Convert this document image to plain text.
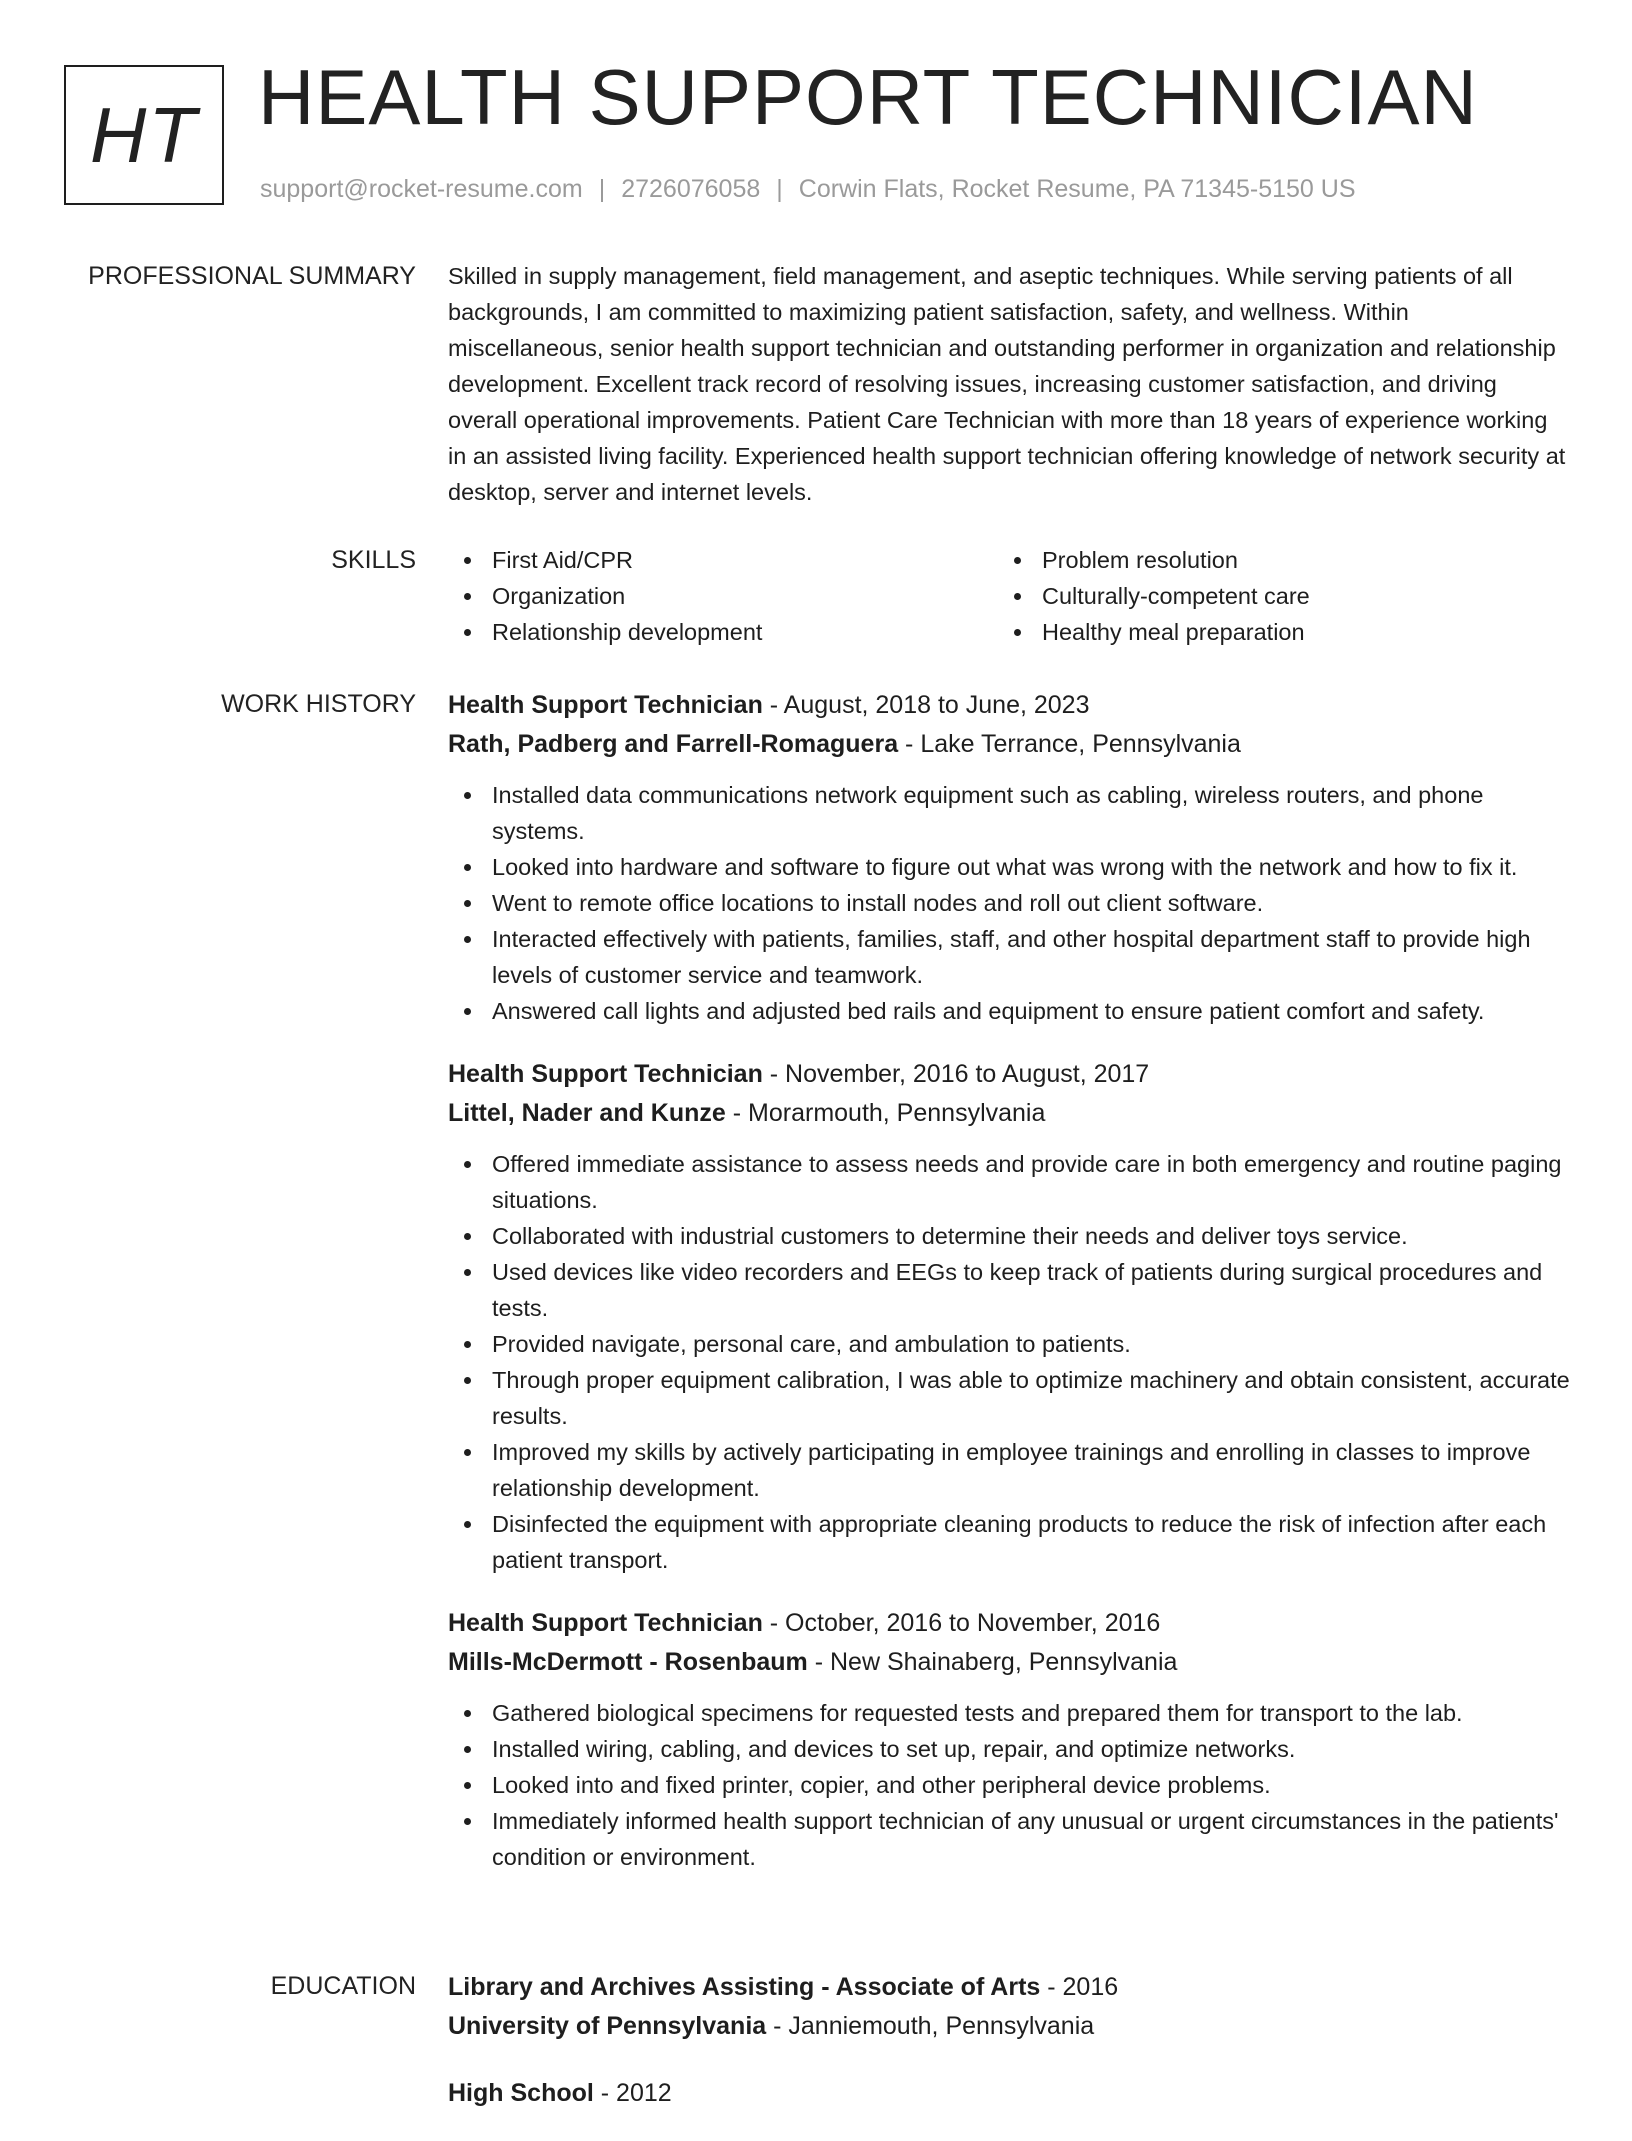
HT HEALTH SUPPORT TECHNICIAN
support@rocket-resume.com | 2726076058 | Corwin Flats, Rocket Resume, PA 71345-5150 US
PROFESSIONAL SUMMARY Skilled in supply management, field management, and aseptic techniques. While serving patients of all backgrounds, I am committed to maximizing patient satisfaction, safety, and wellness. Within miscellaneous, senior health support technician and outstanding performer in organization and relationship development. Excellent track record of resolving issues, increasing customer satisfaction, and driving overall operational improvements. Patient Care Technician with more than 18 years of experience working in an assisted living facility. Experienced health support technician offering knowledge of network security at desktop, server and internet levels.

SKILLS	First Aid/CPR
Organization
Relationship development
Problem resolution
Culturally-competent care
Healthy meal preparation
WORK HISTORY Health Support Technician - August, 2018 to June, 2023
Rath, Padberg and Farrell-Romaguera - Lake Terrance, Pennsylvania
Installed data communications network equipment such as cabling, wireless routers, and phone systems.
Looked into hardware and software to figure out what was wrong with the network and how to fix it.
Went to remote office locations to install nodes and roll out client software.
Interacted effectively with patients, families, staff, and other hospital department staff to provide high levels of customer service and teamwork.
Answered call lights and adjusted bed rails and equipment to ensure patient comfort and safety.
Health Support Technician - November, 2016 to August, 2017
Littel, Nader and Kunze - Morarmouth, Pennsylvania
Offered immediate assistance to assess needs and provide care in both emergency and routine paging situations.
Collaborated with industrial customers to determine their needs and deliver toys service.
Used devices like video recorders and EEGs to keep track of patients during surgical procedures and tests.
Provided navigate, personal care, and ambulation to patients.
Through proper equipment calibration, I was able to optimize machinery and obtain consistent, accurate results.
Improved my skills by actively participating in employee trainings and enrolling in classes to improve relationship development.
Disinfected the equipment with appropriate cleaning products to reduce the risk of infection after each patient transport.
Health Support Technician - October, 2016 to November, 2016
Mills-McDermott - Rosenbaum - New Shainaberg, Pennsylvania
Gathered biological specimens for requested tests and prepared them for transport to the lab.
Installed wiring, cabling, and devices to set up, repair, and optimize networks.
Looked into and fixed printer, copier, and other peripheral device problems.
Immediately informed health support technician of any unusual or urgent circumstances in the patients' condition or environment.
EDUCATION Library and Archives Assisting - Associate of Arts - 2016
University of Pennsylvania - Janniemouth, Pennsylvania
High School - 2012
